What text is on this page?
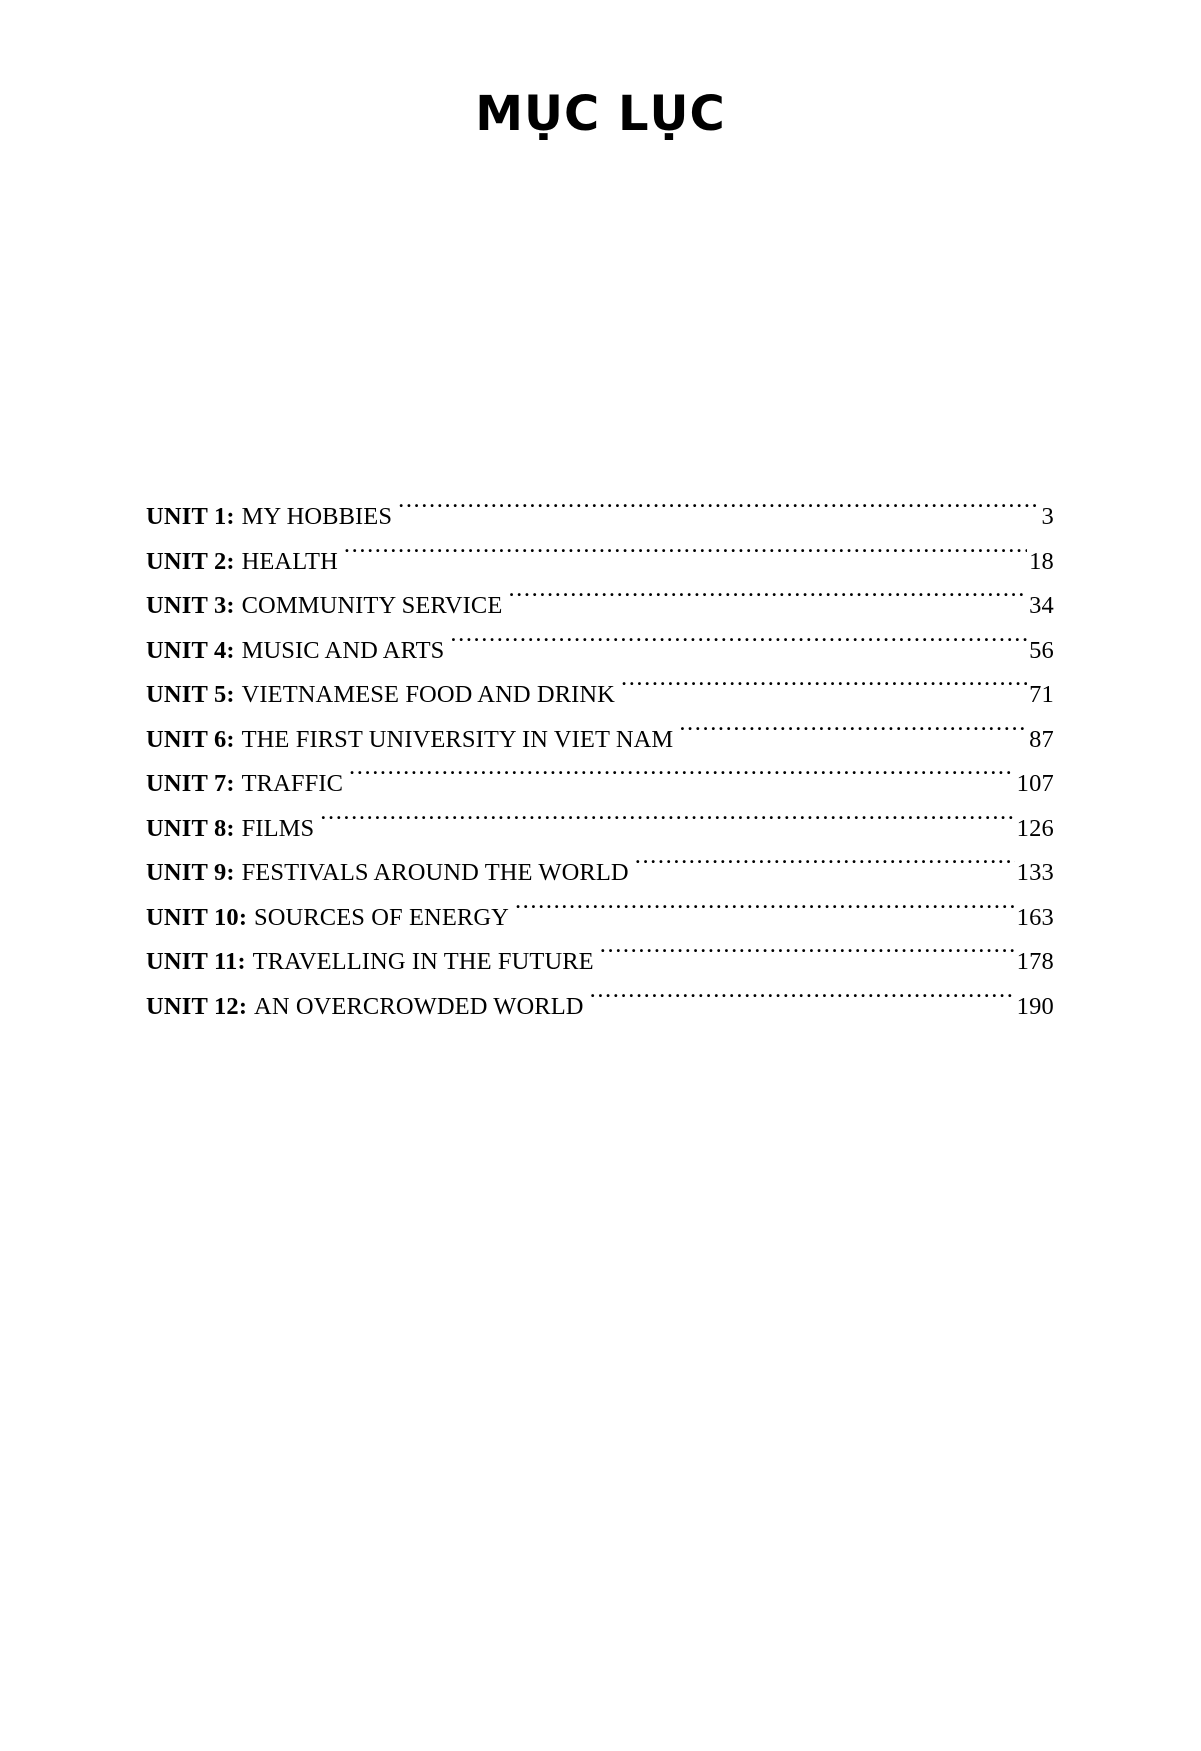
MỤC LỤC
UNIT 1 : MY HOBBIES .....	3
UNIT 2 : HEALTH .....	18
UNIT 3 : COMMUNITY SERVICE .....	34
UNIT 4 : MUSIC AND ARTS .....	56
UNIT 5 : VIETNAMESE FOOD AND DRINK .....	71
UNIT 6 : THE FIRST UNIVERSITY IN VIET NAM .....	87
UNIT 7 : TRAFFIC .....	107
UNIT 8 : FILMS .....	126
UNIT 9 : FESTIVALS AROUND THE WORLD .....	133
UNIT 10 : SOURCES OF ENERGY .....	163
UNIT 11 : TRAVELLING IN THE FUTURE .....	178
UNIT 12 : AN OVERCROWDED WORLD .....	190
